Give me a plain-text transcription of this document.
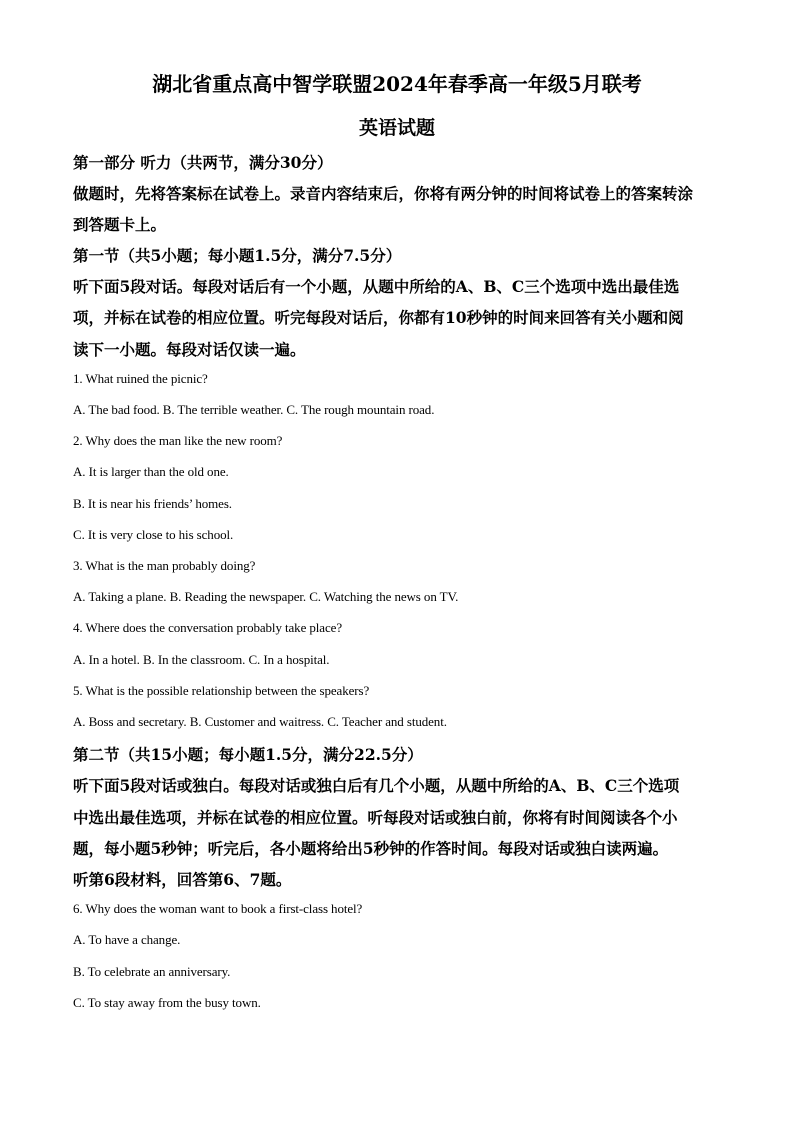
湖北省重点高中智学联盟2024年春季高一年级5月联考
英语试题
第一部分 听力（共两节，满分30分）
做题时，先将答案标在试卷上。录音内容结束后，你将有两分钟的时间将试卷上的答案转涂
到答题卡上。
第一节（共5小题；每小题1.5分，满分7.5分）
听下面5段对话。每段对话后有一个小题，从题中所给的A、B、C三个选项中选出最佳选
项，并标在试卷的相应位置。听完每段对话后，你都有10秒钟的时间来回答有关小题和阅
读下一小题。每段对话仅读一遍。
1. What ruined the picnic?
A. The bad food. B. The terrible weather. C. The rough mountain road.
2. Why does the man like the new room?
A. It is larger than the old one.
B. It is near his friends’ homes.
C. It is very close to his school.
3. What is the man probably doing?
A. Taking a plane. B. Reading the newspaper. C. Watching the news on TV.
4. Where does the conversation probably take place?
A. In a hotel. B. In the classroom. C. In a hospital.
5. What is the possible relationship between the speakers?
A. Boss and secretary. B. Customer and waitress. C. Teacher and student.
第二节（共15小题；每小题1.5分，满分22.5分）
听下面5段对话或独白。每段对话或独白后有几个小题，从题中所给的A、B、C三个选项
中选出最佳选项，并标在试卷的相应位置。听每段对话或独白前，你将有时间阅读各个小
题，每小题5秒钟；听完后，各小题将给出5秒钟的作答时间。每段对话或独白读两遍。
听第6段材料，回答第6、7题。
6. Why does the woman want to book a first-class hotel?
A. To have a change.
B. To celebrate an anniversary.
C. To stay away from the busy town.
